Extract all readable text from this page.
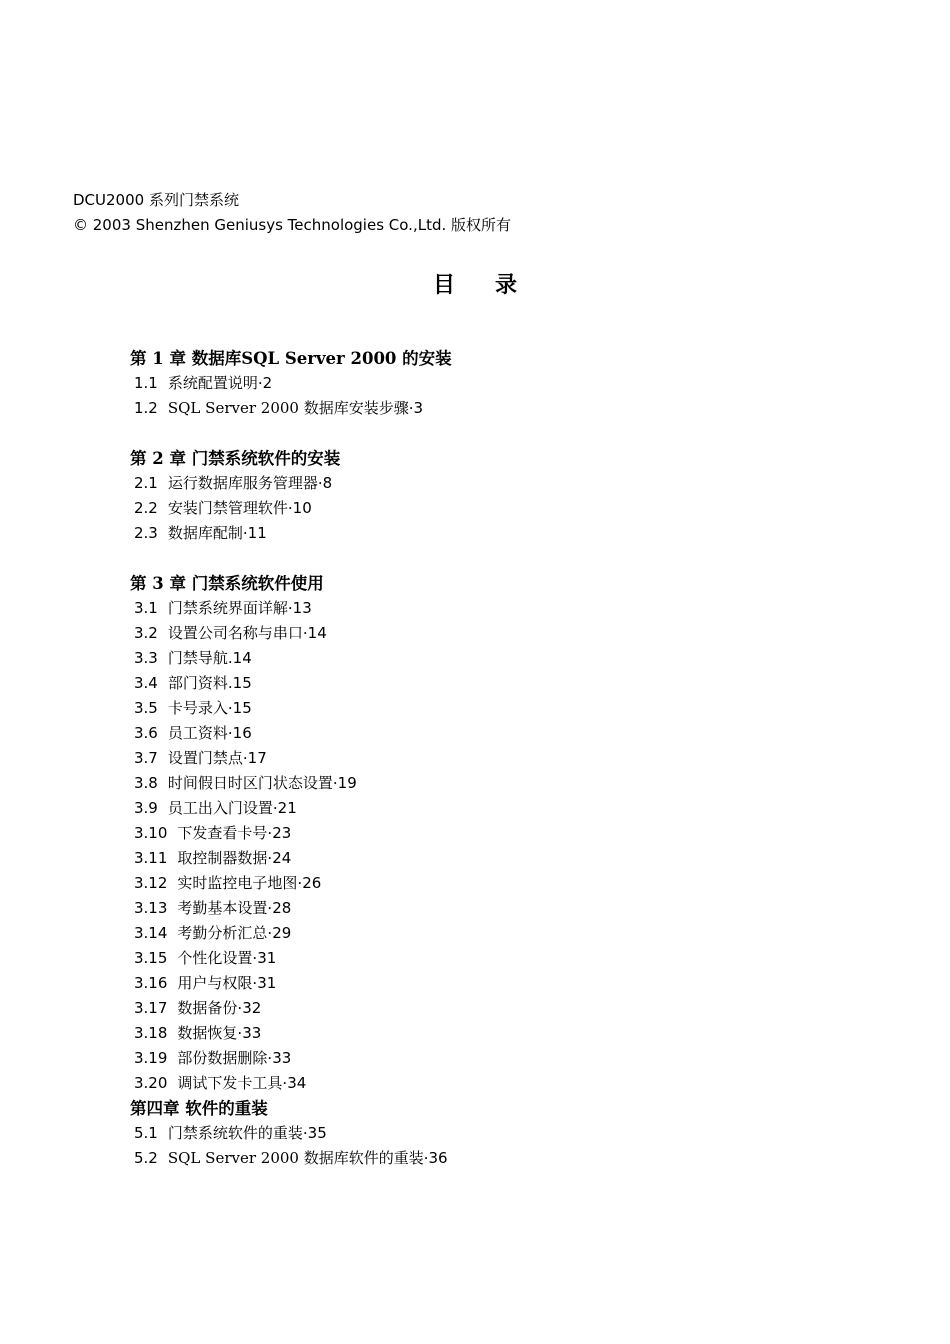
DCU2000 系列门禁系统
© 2003 Shenzhen Geniusys Technologies Co.,Ltd. 版权所有
目录
第 1 章 数据库SQL Server 2000 的安装
1.1 系统配置说明 · 2
1.2 SQL Server 2000 数据库安装步骤 · 3
第 2 章 门禁系统软件的安装
2.1 运行数据库服务管理器 · 8
2.2 安装门禁管理软件 · 10
2.3 数据库配制 · 11
第 3 章 门禁系统软件使用
3.1 门禁系统界面详解 · 13
3.2 设置公司名称与串口 · 14
3.3 门禁导航 . 14
3.4 部门资料 . 15
3.5 卡号录入 · 15
3.6 员工资料 · 16
3.7 设置门禁点 · 17
3.8 时间假日时区门状态设置 · 19
3.9 员工出入门设置 · 21
3.10 下发查看卡号 · 23
3.11 取控制器数据 · 24
3.12 实时监控电子地图 · 26
3.13 考勤基本设置 · 28
3.14 考勤分析汇总 · 29
3.15 个性化设置 · 31
3.16 用户与权限 · 31
3.17 数据备份 · 32
3.18 数据恢复 · 33
3.19 部份数据删除 · 33
3.20 调试下发卡工具 · 34
第四章 软件的重装
5.1 门禁系统软件的重装 · 35
5.2 SQL Server 2000 数据库软件的重装 · 36
